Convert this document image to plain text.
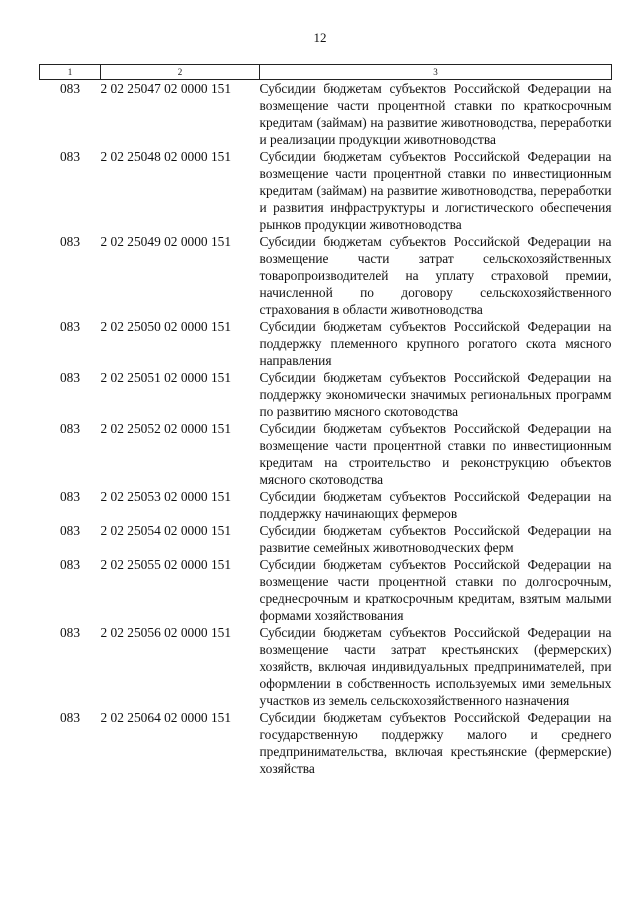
12
1	2	3
083	2 02 25047 02 0000 151	Субсидии бюджетам субъектов Российской Федерации на возмещение части процентной ставки по краткосрочным кредитам (займам) на развитие животноводства, переработки и реализации продукции животноводства
083	2 02 25048 02 0000 151	Субсидии бюджетам субъектов Российской Федерации на возмещение части процентной ставки по инвестиционным кредитам (займам) на развитие животноводства, переработки и развития инфраструктуры и логистического обеспечения рынков продукции животноводства
083	2 02 25049 02 0000 151	Субсидии бюджетам субъектов Российской Федерации на возмещение части затрат сельскохозяйственных товаропроизводителей на уплату страховой премии, начисленной по договору сельскохозяйственного страхования в области животноводства
083	2 02 25050 02 0000 151	Субсидии бюджетам субъектов Российской Федерации на поддержку племенного крупного рогатого скота мясного направления
083	2 02 25051 02 0000 151	Субсидии бюджетам субъектов Российской Федерации на поддержку экономически значимых региональных программ по развитию мясного скотоводства
083	2 02 25052 02 0000 151	Субсидии бюджетам субъектов Российской Федерации на возмещение части процентной ставки по инвестиционным кредитам на строительство и реконструкцию объектов мясного скотоводства
083	2 02 25053 02 0000 151	Субсидии бюджетам субъектов Российской Федерации на поддержку начинающих фермеров
083	2 02 25054 02 0000 151	Субсидии бюджетам субъектов Российской Федерации на развитие семейных животноводческих ферм
083	2 02 25055 02 0000 151	Субсидии бюджетам субъектов Российской Федерации на возмещение части процентной ставки по долгосрочным, среднесрочным и краткосрочным кредитам, взятым малыми формами хозяйствования
083	2 02 25056 02 0000 151	Субсидии бюджетам субъектов Российской Федерации на возмещение части затрат крестьянских (фермерских) хозяйств, включая индивидуальных предпринимателей, при оформлении в собственность используемых ими земельных участков из земель сельскохозяйственного назначения
083	2 02 25064 02 0000 151	Субсидии бюджетам субъектов Российской Федерации на государственную поддержку малого и среднего предпринимательства, включая крестьянские (фермерские) хозяйства
